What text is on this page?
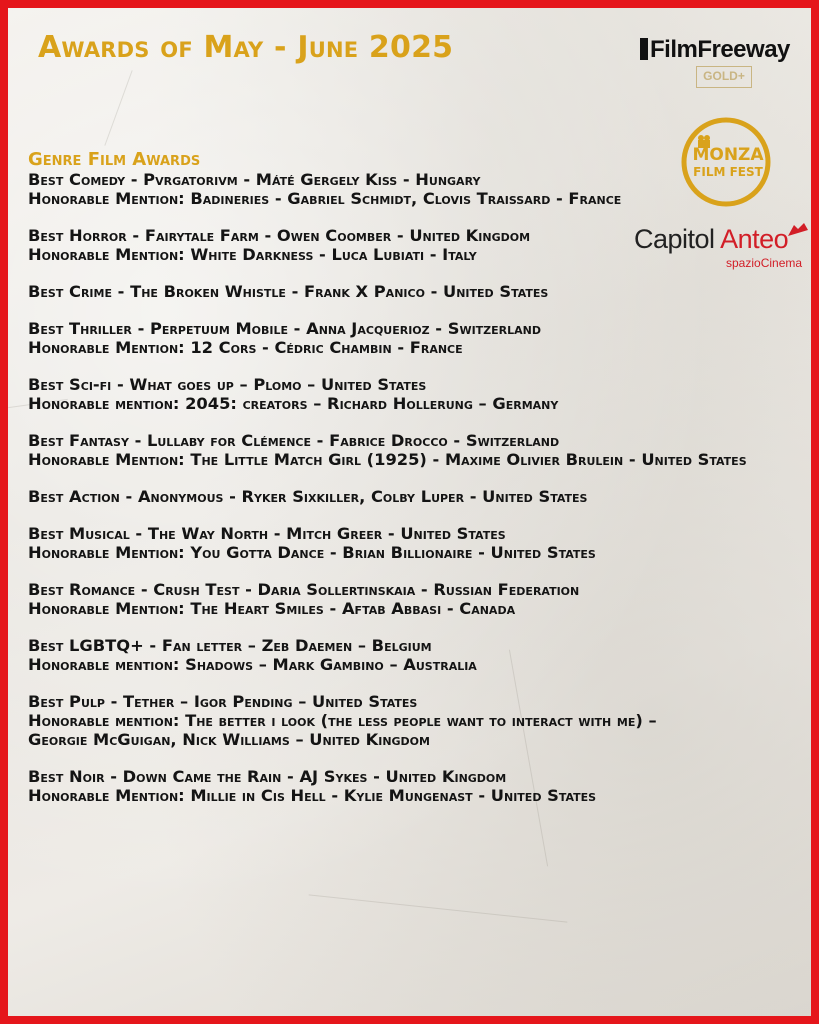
Awards of May - June 2025	FilmFreeway
GOLD+
MONZA
FILM FEST
Capitol Anteo
spazioCinema
Genre Film Awards
Best Comedy - Pvrgatorivm - Máté Gergely Kiss - Hungary
Honorable Mention: Badineries - Gabriel Schmidt, Clovis Traissard - France
Best Horror - Fairytale Farm - Owen Coomber - United Kingdom
Honorable Mention: White Darkness - Luca Lubiati - Italy
Best Crime - The Broken Whistle - Frank X Panico - United States
Best Thriller - Perpetuum Mobile - Anna Jacquerioz - Switzerland
Honorable Mention: 12 Cors - Cédric Chambin - France
Best Sci-fi - What goes up – Plomo – United States
Honorable mention: 2045: creators – Richard Hollerung – Germany
Best Fantasy - Lullaby for Clémence - Fabrice Drocco - Switzerland
Honorable Mention: The Little Match Girl (1925) - Maxime Olivier Brulein - United States
Best Action - Anonymous - Ryker Sixkiller, Colby Luper - United States
Best Musical - The Way North - Mitch Greer - United States
Honorable Mention: You Gotta Dance - Brian Billionaire - United States
Best Romance - Crush Test - Daria Sollertinskaia - Russian Federation
Honorable Mention: The Heart Smiles - Aftab Abbasi - Canada
Best LGBTQ+ - Fan letter – Zeb Daemen – Belgium
Honorable mention: Shadows – Mark Gambino – Australia
Best Pulp - Tether – Igor Pending – United States
Honorable mention: The better i look (the less people want to interact with me) –
Georgie McGuigan, Nick Williams – United Kingdom
Best Noir - Down Came the Rain - AJ Sykes - United Kingdom
Honorable Mention: Millie in Cis Hell - Kylie Mungenast - United States
